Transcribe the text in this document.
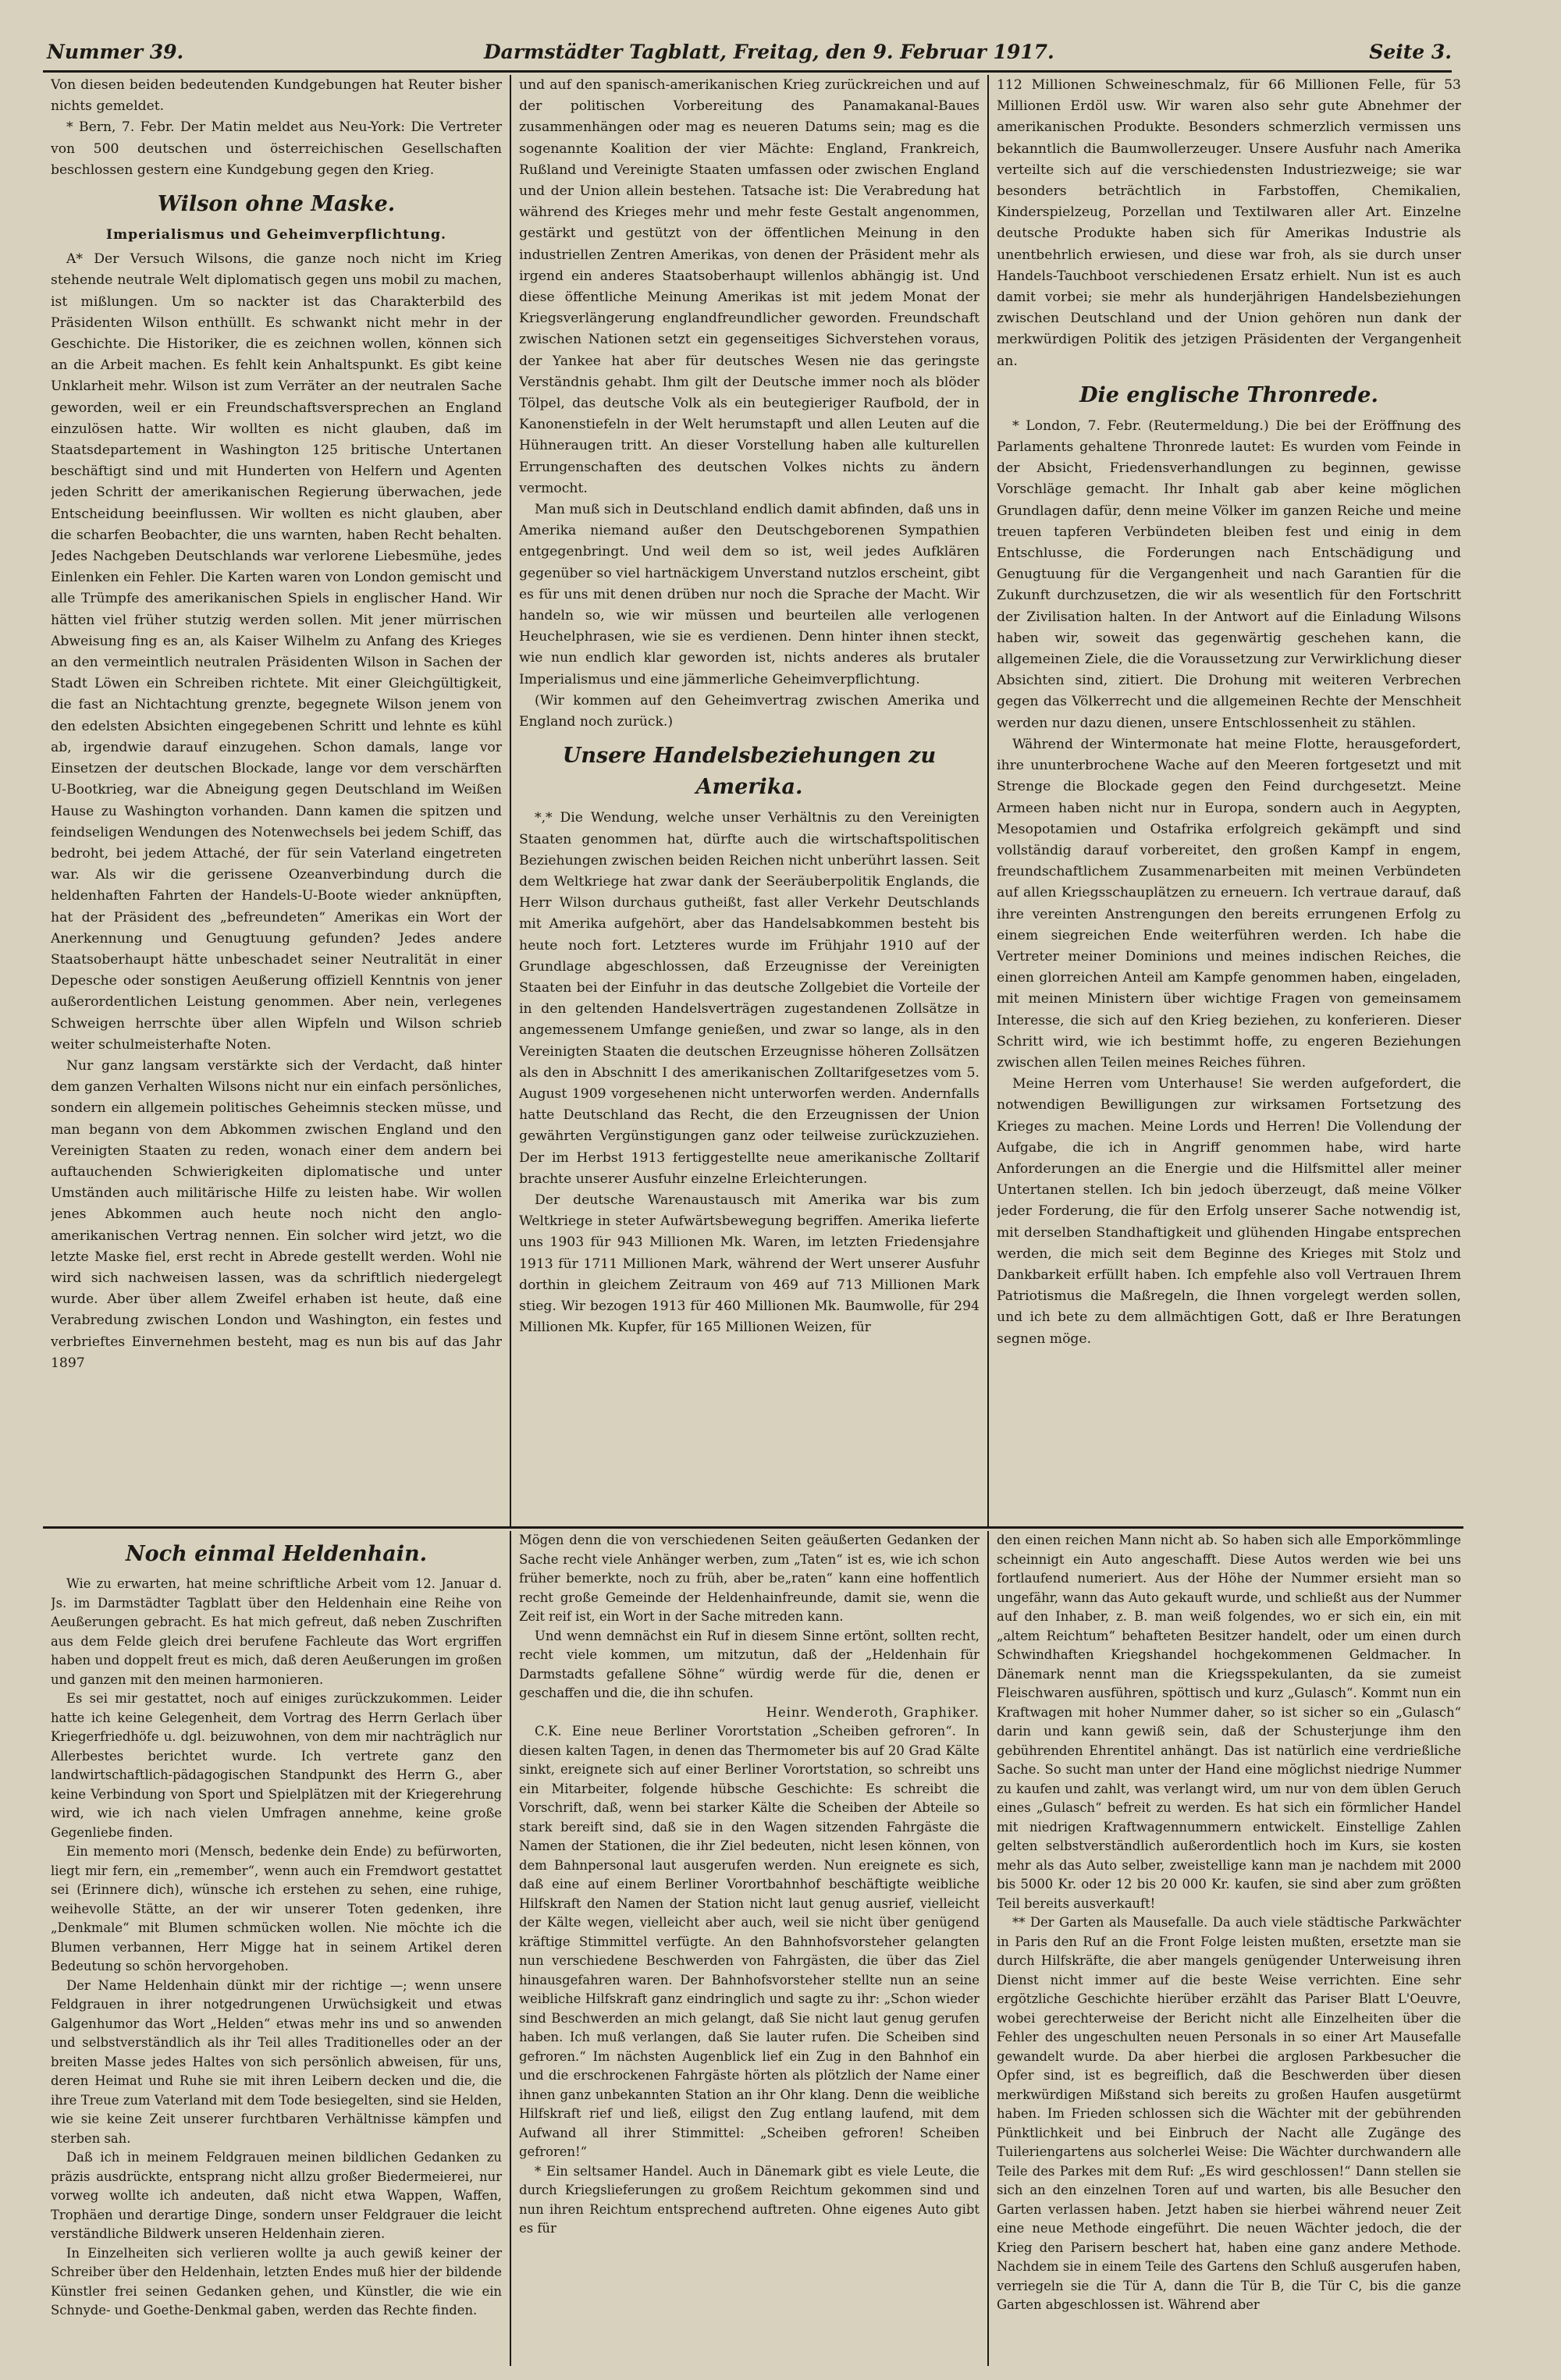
Nummer 39.	Darmstädter Tagblatt, Freitag, den 9. Februar 1917.	Seite 3.

Von diesen beiden bedeutenden Kundgebungen hat Reuter bisher nichts gemeldet.

* Bern, 7. Febr. Der Matin meldet aus Neu-York: Die Vertreter von 500 deutschen und österreichischen Gesellschaften beschlossen gestern eine Kundgebung gegen den Krieg.

Wilson ohne Maske.
Imperialismus und Geheimverpflichtung.

A* Der Versuch Wilsons, die ganze noch nicht im Krieg stehende neutrale Welt diplomatisch gegen uns mobil zu machen, ist mißlungen. Um so nackter ist das Charakterbild des Präsidenten Wilson enthüllt. Es schwankt nicht mehr in der Geschichte. Die Historiker, die es zeichnen wollen, können sich an die Arbeit machen. Es fehlt kein Anhaltspunkt. Es gibt keine Unklarheit mehr. Wilson ist zum Verräter an der neutralen Sache geworden, weil er ein Freundschaftsversprechen an England einzulösen hatte. Wir wollten es nicht glauben, daß im Staatsdepartement in Washington 125 britische Untertanen beschäftigt sind und mit Hunderten von Helfern und Agenten jeden Schritt der amerikanischen Regierung überwachen, jede Entscheidung beeinflussen. Wir wollten es nicht glauben, aber die scharfen Beobachter, die uns warnten, haben Recht behalten. Jedes Nachgeben Deutschlands war verlorene Liebesmühe, jedes Einlenken ein Fehler. Die Karten waren von London gemischt und alle Trümpfe des amerikanischen Spiels in englischer Hand. Wir hätten viel früher stutzig werden sollen. Mit jener mürrischen Abweisung fing es an, als Kaiser Wilhelm zu Anfang des Krieges an den vermeintlich neutralen Präsidenten Wilson in Sachen der Stadt Löwen ein Schreiben richtete. Mit einer Gleichgültigkeit, die fast an Nichtachtung grenzte, begegnete Wilson jenem von den edelsten Absichten eingegebenen Schritt und lehnte es kühl ab, irgendwie darauf einzugehen. Schon damals, lange vor Einsetzen der deutschen Blockade, lange vor dem verschärften U-Bootkrieg, war die Abneigung gegen Deutschland im Weißen Hause zu Washington vorhanden. Dann kamen die spitzen und feindseligen Wendungen des Notenwechsels bei jedem Schiff, das bedroht, bei jedem Attaché, der für sein Vaterland eingetreten war. Als wir die gerissene Ozeanverbindung durch die heldenhaften Fahrten der Handels-U-Boote wieder anknüpften, hat der Präsident des „befreundeten“ Amerikas ein Wort der Anerkennung und Genugtuung gefunden? Jedes andere Staatsoberhaupt hätte unbeschadet seiner Neutralität in einer Depesche oder sonstigen Aeußerung offiziell Kenntnis von jener außerordentlichen Leistung genommen. Aber nein, verlegenes Schweigen herrschte über allen Wipfeln und Wilson schrieb weiter schulmeisterhafte Noten.

Nur ganz langsam verstärkte sich der Verdacht, daß hinter dem ganzen Verhalten Wilsons nicht nur ein einfach persönliches, sondern ein allgemein politisches Geheimnis stecken müsse, und man begann von dem Abkommen zwischen England und den Vereinigten Staaten zu reden, wonach einer dem andern bei auftauchenden Schwierigkeiten diplomatische und unter Umständen auch militärische Hilfe zu leisten habe. Wir wollen jenes Abkommen auch heute noch nicht den anglo-amerikanischen Vertrag nennen. Ein solcher wird jetzt, wo die letzte Maske fiel, erst recht in Abrede gestellt werden. Wohl nie wird sich nachweisen lassen, was da schriftlich niedergelegt wurde. Aber über allem Zweifel erhaben ist heute, daß eine Verabredung zwischen London und Washington, ein festes und verbrieftes Einvernehmen besteht, mag es nun bis auf das Jahr 1897

und auf den spanisch-amerikanischen Krieg zurückreichen und auf der politischen Vorbereitung des Panamakanal-Baues zusammenhängen oder mag es neueren Datums sein; mag es die sogenannte Koalition der vier Mächte: England, Frankreich, Rußland und Vereinigte Staaten umfassen oder zwischen England und der Union allein bestehen. Tatsache ist: Die Verabredung hat während des Krieges mehr und mehr feste Gestalt angenommen, gestärkt und gestützt von der öffentlichen Meinung in den industriellen Zentren Amerikas, von denen der Präsident mehr als irgend ein anderes Staatsoberhaupt willenlos abhängig ist. Und diese öffentliche Meinung Amerikas ist mit jedem Monat der Kriegsverlängerung englandfreundlicher geworden. Freundschaft zwischen Nationen setzt ein gegenseitiges Sichverstehen voraus, der Yankee hat aber für deutsches Wesen nie das geringste Verständnis gehabt. Ihm gilt der Deutsche immer noch als blöder Tölpel, das deutsche Volk als ein beutegieriger Raufbold, der in Kanonenstiefeln in der Welt herumstapft und allen Leuten auf die Hühneraugen tritt. An dieser Vorstellung haben alle kulturellen Errungenschaften des deutschen Volkes nichts zu ändern vermocht.

Man muß sich in Deutschland endlich damit abfinden, daß uns in Amerika niemand außer den Deutschgeborenen Sympathien entgegenbringt. Und weil dem so ist, weil jedes Aufklären gegenüber so viel hartnäckigem Unverstand nutzlos erscheint, gibt es für uns mit denen drüben nur noch die Sprache der Macht. Wir handeln so, wie wir müssen und beurteilen alle verlogenen Heuchelphrasen, wie sie es verdienen. Denn hinter ihnen steckt, wie nun endlich klar geworden ist, nichts anderes als brutaler Imperialismus und eine jämmerliche Geheimverpflichtung.

(Wir kommen auf den Geheimvertrag zwischen Amerika und England noch zurück.)

Unsere Handelsbeziehungen zu Amerika.

*,* Die Wendung, welche unser Verhältnis zu den Vereinigten Staaten genommen hat, dürfte auch die wirtschaftspolitischen Beziehungen zwischen beiden Reichen nicht unberührt lassen. Seit dem Weltkriege hat zwar dank der Seeräuberpolitik Englands, die Herr Wilson durchaus gutheißt, fast aller Verkehr Deutschlands mit Amerika aufgehört, aber das Handelsabkommen besteht bis heute noch fort. Letzteres wurde im Frühjahr 1910 auf der Grundlage abgeschlossen, daß Erzeugnisse der Vereinigten Staaten bei der Einfuhr in das deutsche Zollgebiet die Vorteile der in den geltenden Handelsverträgen zugestandenen Zollsätze in angemessenem Umfange genießen, und zwar so lange, als in den Vereinigten Staaten die deutschen Erzeugnisse höheren Zollsätzen als den in Abschnitt I des amerikanischen Zolltarifgesetzes vom 5. August 1909 vorgesehenen nicht unterworfen werden. Andernfalls hatte Deutschland das Recht, die den Erzeugnissen der Union gewährten Vergünstigungen ganz oder teilweise zurückzuziehen. Der im Herbst 1913 fertiggestellte neue amerikanische Zolltarif brachte unserer Ausfuhr einzelne Erleichterungen.

Der deutsche Warenaustausch mit Amerika war bis zum Weltkriege in steter Aufwärtsbewegung begriffen. Amerika lieferte uns 1903 für 943 Millionen Mk. Waren, im letzten Friedensjahre 1913 für 1711 Millionen Mark, während der Wert unserer Ausfuhr dorthin in gleichem Zeitraum von 469 auf 713 Millionen Mark stieg. Wir bezogen 1913 für 460 Millionen Mk. Baumwolle, für 294 Millionen Mk. Kupfer, für 165 Millionen Weizen, für

112 Millionen Schweineschmalz, für 66 Millionen Felle, für 53 Millionen Erdöl usw. Wir waren also sehr gute Abnehmer der amerikanischen Produkte. Besonders schmerzlich vermissen uns bekanntlich die Baumwollerzeuger. Unsere Ausfuhr nach Amerika verteilte sich auf die verschiedensten Industriezweige; sie war besonders beträchtlich in Farbstoffen, Chemikalien, Kinderspielzeug, Porzellan und Textilwaren aller Art. Einzelne deutsche Produkte haben sich für Amerikas Industrie als unentbehrlich erwiesen, und diese war froh, als sie durch unser Handels-Tauchboot verschiedenen Ersatz erhielt. Nun ist es auch damit vorbei; sie mehr als hunderjährigen Handelsbeziehungen zwischen Deutschland und der Union gehören nun dank der merkwürdigen Politik des jetzigen Präsidenten der Vergangenheit an.

Die englische Thronrede.

* London, 7. Febr. (Reutermeldung.) Die bei der Eröffnung des Parlaments gehaltene Thronrede lautet: Es wurden vom Feinde in der Absicht, Friedensverhandlungen zu beginnen, gewisse Vorschläge gemacht. Ihr Inhalt gab aber keine möglichen Grundlagen dafür, denn meine Völker im ganzen Reiche und meine treuen tapferen Verbündeten bleiben fest und einig in dem Entschlusse, die Forderungen nach Entschädigung und Genugtuung für die Vergangenheit und nach Garantien für die Zukunft durchzusetzen, die wir als wesentlich für den Fortschritt der Zivilisation halten. In der Antwort auf die Einladung Wilsons haben wir, soweit das gegenwärtig geschehen kann, die allgemeinen Ziele, die die Voraussetzung zur Verwirklichung dieser Absichten sind, zitiert. Die Drohung mit weiteren Verbrechen gegen das Völkerrecht und die allgemeinen Rechte der Menschheit werden nur dazu dienen, unsere Entschlossenheit zu stählen.

Während der Wintermonate hat meine Flotte, herausgefordert, ihre ununterbrochene Wache auf den Meeren fortgesetzt und mit Strenge die Blockade gegen den Feind durchgesetzt. Meine Armeen haben nicht nur in Europa, sondern auch in Aegypten, Mesopotamien und Ostafrika erfolgreich gekämpft und sind vollständig darauf vorbereitet, den großen Kampf in engem, freundschaftlichem Zusammenarbeiten mit meinen Verbündeten auf allen Kriegsschauplätzen zu erneuern. Ich vertraue darauf, daß ihre vereinten Anstrengungen den bereits errungenen Erfolg zu einem siegreichen Ende weiterführen werden. Ich habe die Vertreter meiner Dominions und meines indischen Reiches, die einen glorreichen Anteil am Kampfe genommen haben, eingeladen, mit meinen Ministern über wichtige Fragen von gemeinsamem Interesse, die sich auf den Krieg beziehen, zu konferieren. Dieser Schritt wird, wie ich bestimmt hoffe, zu engeren Beziehungen zwischen allen Teilen meines Reiches führen.

Meine Herren vom Unterhause! Sie werden aufgefordert, die notwendigen Bewilligungen zur wirksamen Fortsetzung des Krieges zu machen. Meine Lords und Herren! Die Vollendung der Aufgabe, die ich in Angriff genommen habe, wird harte Anforderungen an die Energie und die Hilfsmittel aller meiner Untertanen stellen. Ich bin jedoch überzeugt, daß meine Völker jeder Forderung, die für den Erfolg unserer Sache notwendig ist, mit derselben Standhaftigkeit und glühenden Hingabe entsprechen werden, die mich seit dem Beginne des Krieges mit Stolz und Dankbarkeit erfüllt haben. Ich empfehle also voll Vertrauen Ihrem Patriotismus die Maßregeln, die Ihnen vorgelegt werden sollen, und ich bete zu dem allmächtigen Gott, daß er Ihre Beratungen segnen möge.

Noch einmal Heldenhain.

Wie zu erwarten, hat meine schriftliche Arbeit vom 12. Januar d. Js. im Darmstädter Tagblatt über den Heldenhain eine Reihe von Aeußerungen gebracht. Es hat mich gefreut, daß neben Zuschriften aus dem Felde gleich drei berufene Fachleute das Wort ergriffen haben und doppelt freut es mich, daß deren Aeußerungen im großen und ganzen mit den meinen harmonieren.

Es sei mir gestattet, noch auf einiges zurückzukommen. Leider hatte ich keine Gelegenheit, dem Vortrag des Herrn Gerlach über Kriegerfriedhöfe u. dgl. beizuwohnen, von dem mir nachträglich nur Allerbestes berichtet wurde. Ich vertrete ganz den landwirtschaftlich-pädagogischen Standpunkt des Herrn G., aber keine Verbindung von Sport und Spielplätzen mit der Kriegerehrung wird, wie ich nach vielen Umfragen annehme, keine große Gegenliebe finden.

Ein memento mori (Mensch, bedenke dein Ende) zu befürworten, liegt mir fern, ein „remember“, wenn auch ein Fremdwort gestattet sei (Erinnere dich), wünsche ich erstehen zu sehen, eine ruhige, weihevolle Stätte, an der wir unserer Toten gedenken, ihre „Denkmale“ mit Blumen schmücken wollen. Nie möchte ich die Blumen verbannen, Herr Migge hat in seinem Artikel deren Bedeutung so schön hervorgehoben.

Der Name Heldenhain dünkt mir der richtige —; wenn unsere Feldgrauen in ihrer notgedrungenen Urwüchsigkeit und etwas Galgenhumor das Wort „Helden“ etwas mehr ins und so anwenden und selbstverständlich als ihr Teil alles Traditionelles oder an der breiten Masse jedes Haltes von sich persönlich abweisen, für uns, deren Heimat und Ruhe sie mit ihren Leibern decken und die, die ihre Treue zum Vaterland mit dem Tode besiegelten, sind sie Helden, wie sie keine Zeit unserer furchtbaren Verhältnisse kämpfen und sterben sah.

Daß ich in meinem Feldgrauen meinen bildlichen Gedanken zu präzis ausdrückte, entsprang nicht allzu großer Biedermeierei, nur vorweg wollte ich andeuten, daß nicht etwa Wappen, Waffen, Trophäen und derartige Dinge, sondern unser Feldgrauer die leicht verständliche Bildwerk unseren Heldenhain zieren.

In Einzelheiten sich verlieren wollte ja auch gewiß keiner der Schreiber über den Heldenhain, letzten Endes muß hier der bildende Künstler frei seinen Gedanken gehen, und Künstler, die wie ein Schnyde- und Goethe-Denkmal gaben, werden das Rechte finden.

Mögen denn die von verschiedenen Seiten geäußerten Gedanken der Sache recht viele Anhänger werben, zum „Taten“ ist es, wie ich schon früher bemerkte, noch zu früh, aber be„raten“ kann eine hoffentlich recht große Gemeinde der Heldenhainfreunde, damit sie, wenn die Zeit reif ist, ein Wort in der Sache mitreden kann.

Und wenn demnächst ein Ruf in diesem Sinne ertönt, sollten recht, recht viele kommen, um mitzutun, daß der „Heldenhain für Darmstadts gefallene Söhne“ würdig werde für die, denen er geschaffen und die, die ihn schufen.

Heinr. Wenderoth, Graphiker.

C.K. Eine neue Berliner Vorortstation „Scheiben gefroren“. In diesen kalten Tagen, in denen das Thermometer bis auf 20 Grad Kälte sinkt, ereignete sich auf einer Berliner Vorortstation, so schreibt uns ein Mitarbeiter, folgende hübsche Geschichte: Es schreibt die Vorschrift, daß, wenn bei starker Kälte die Scheiben der Abteile so stark bereift sind, daß sie in den Wagen sitzenden Fahrgäste die Namen der Stationen, die ihr Ziel bedeuten, nicht lesen können, von dem Bahnpersonal laut ausgerufen werden. Nun ereignete es sich, daß eine auf einem Berliner Vorortbahnhof beschäftigte weibliche Hilfskraft den Namen der Station nicht laut genug ausrief, vielleicht der Kälte wegen, vielleicht aber auch, weil sie nicht über genügend kräftige Stimmittel verfügte. An den Bahnhofsvorsteher gelangten nun verschiedene Beschwerden von Fahrgästen, die über das Ziel hinausgefahren waren. Der Bahnhofsvorsteher stellte nun an seine weibliche Hilfskraft ganz eindringlich und sagte zu ihr: „Schon wieder sind Beschwerden an mich gelangt, daß Sie nicht laut genug gerufen haben. Ich muß verlangen, daß Sie lauter rufen. Die Scheiben sind gefroren.“ Im nächsten Augenblick lief ein Zug in den Bahnhof ein und die erschrockenen Fahrgäste hörten als plötzlich der Name einer ihnen ganz unbekannten Station an ihr Ohr klang. Denn die weibliche Hilfskraft rief und ließ, eiligst den Zug entlang laufend, mit dem Aufwand all ihrer Stimmittel: „Scheiben gefroren! Scheiben gefroren!“

* Ein seltsamer Handel. Auch in Dänemark gibt es viele Leute, die durch Kriegslieferungen zu großem Reichtum gekommen sind und nun ihren Reichtum entsprechend auftreten. Ohne eigenes Auto gibt es für

den einen reichen Mann nicht ab. So haben sich alle Emporkömmlinge scheinnigt ein Auto angeschafft. Diese Autos werden wie bei uns fortlaufend numeriert. Aus der Höhe der Nummer ersieht man so ungefähr, wann das Auto gekauft wurde, und schließt aus der Nummer auf den Inhaber, z. B. man weiß folgendes, wo er sich ein, ein mit „altem Reichtum“ behafteten Besitzer handelt, oder um einen durch Schwindhaften Kriegshandel hochgekommenen Geldmacher. In Dänemark nennt man die Kriegsspekulanten, da sie zumeist Fleischwaren ausführen, spöttisch und kurz „Gulasch“. Kommt nun ein Kraftwagen mit hoher Nummer daher, so ist sicher so ein „Gulasch“ darin und kann gewiß sein, daß der Schusterjunge ihm den gebührenden Ehrentitel anhängt. Das ist natürlich eine verdrießliche Sache. So sucht man unter der Hand eine möglichst niedrige Nummer zu kaufen und zahlt, was verlangt wird, um nur von dem üblen Geruch eines „Gulasch“ befreit zu werden. Es hat sich ein förmlicher Handel mit niedrigen Kraftwagennummern entwickelt. Einstellige Zahlen gelten selbstverständlich außerordentlich hoch im Kurs, sie kosten mehr als das Auto selber, zweistellige kann man je nachdem mit 2000 bis 5000 Kr. oder 12 bis 20 000 Kr. kaufen, sie sind aber zum größten Teil bereits ausverkauft!

** Der Garten als Mausefalle. Da auch viele städtische Parkwächter in Paris den Ruf an die Front Folge leisten mußten, ersetzte man sie durch Hilfskräfte, die aber mangels genügender Unterweisung ihren Dienst nicht immer auf die beste Weise verrichten. Eine sehr ergötzliche Geschichte hierüber erzählt das Pariser Blatt L'Oeuvre, wobei gerechterweise der Bericht nicht alle Einzelheiten über die Fehler des ungeschulten neuen Personals in so einer Art Mausefalle gewandelt wurde. Da aber hierbei die arglosen Parkbesucher die Opfer sind, ist es begreiflich, daß die Beschwerden über diesen merkwürdigen Mißstand sich bereits zu großen Haufen ausgetürmt haben. Im Frieden schlossen sich die Wächter mit der gebührenden Pünktlichkeit und bei Einbruch der Nacht alle Zugänge des Tuileriengartens aus solcherlei Weise: Die Wächter durchwandern alle Teile des Parkes mit dem Ruf: „Es wird geschlossen!“ Dann stellen sie sich an den einzelnen Toren auf und warten, bis alle Besucher den Garten verlassen haben. Jetzt haben sie hierbei während neuer Zeit eine neue Methode eingeführt. Die neuen Wächter jedoch, die der Krieg den Parisern beschert hat, haben eine ganz andere Methode. Nachdem sie in einem Teile des Gartens den Schluß ausgerufen haben, verriegeln sie die Tür A, dann die Tür B, die Tür C, bis die ganze Garten abgeschlossen ist. Während aber
